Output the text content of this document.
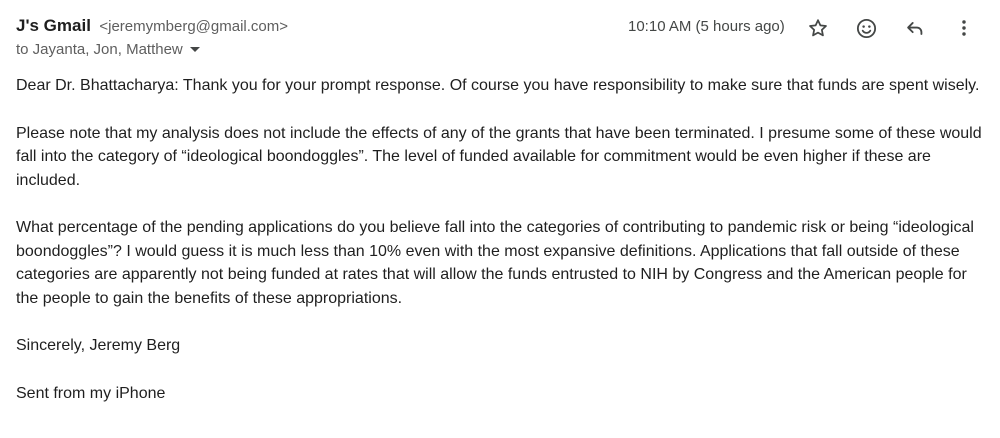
J's Gmail <jeremymberg@gmail.com>
to Jayanta, Jon, Matthew
10:10 AM (5 hours ago)

Dear Dr. Bhattacharya: Thank you for your prompt response. Of course you have responsibility to make sure that funds are spent wisely.

Please note that my analysis does not include the effects of any of the grants that have been terminated. I presume some of these would fall into the category of “ideological boondoggles”. The level of funded available for commitment would be even higher if these are included.

What percentage of the pending applications do you believe fall into the categories of contributing to pandemic risk or being “ideological boondoggles”? I would guess it is much less than 10% even with the most expansive definitions. Applications that fall outside of these categories are apparently not being funded at rates that will allow the funds entrusted to NIH by Congress and the American people for the people to gain the benefits of these appropriations.

Sincerely, Jeremy Berg

Sent from my iPhone
